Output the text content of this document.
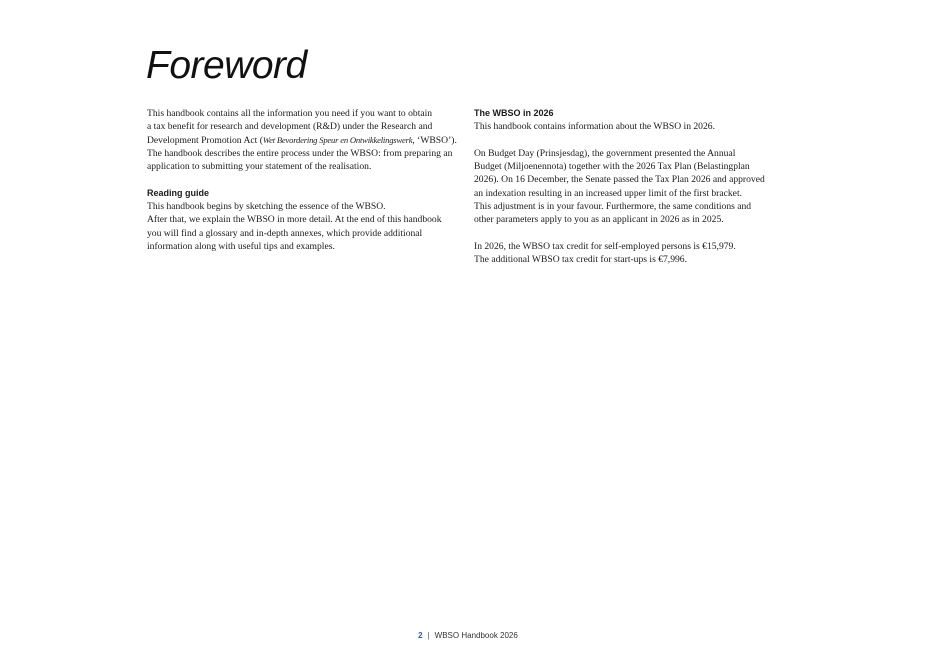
Foreword
This handbook contains all the information you need if you want to obtain
a tax benefit for research and development (R&D) under the Research and
Development Promotion Act (Wet Bevordering Speur en Ontwikkelingswerk, ‘WBSO’).
The handbook describes the entire process under the WBSO: from preparing an
application to submitting your statement of the realisation.
Reading guide
This handbook begins by sketching the essence of the WBSO.
After that, we explain the WBSO in more detail. At the end of this handbook
you will find a glossary and in-depth annexes, which provide additional
information along with useful tips and examples.
The WBSO in 2026
This handbook contains information about the WBSO in 2026.
On Budget Day (Prinsjesdag), the government presented the Annual
Budget (Miljoenennota) together with the 2026 Tax Plan (Belastingplan
2026). On 16 December, the Senate passed the Tax Plan 2026 and approved
an indexation resulting in an increased upper limit of the first bracket.
This adjustment is in your favour. Furthermore, the same conditions and
other parameters apply to you as an applicant in 2026 as in 2025.
In 2026, the WBSO tax credit for self-employed persons is €15,979.
The additional WBSO tax credit for start-ups is €7,996.
2 | WBSO Handbook 2026
